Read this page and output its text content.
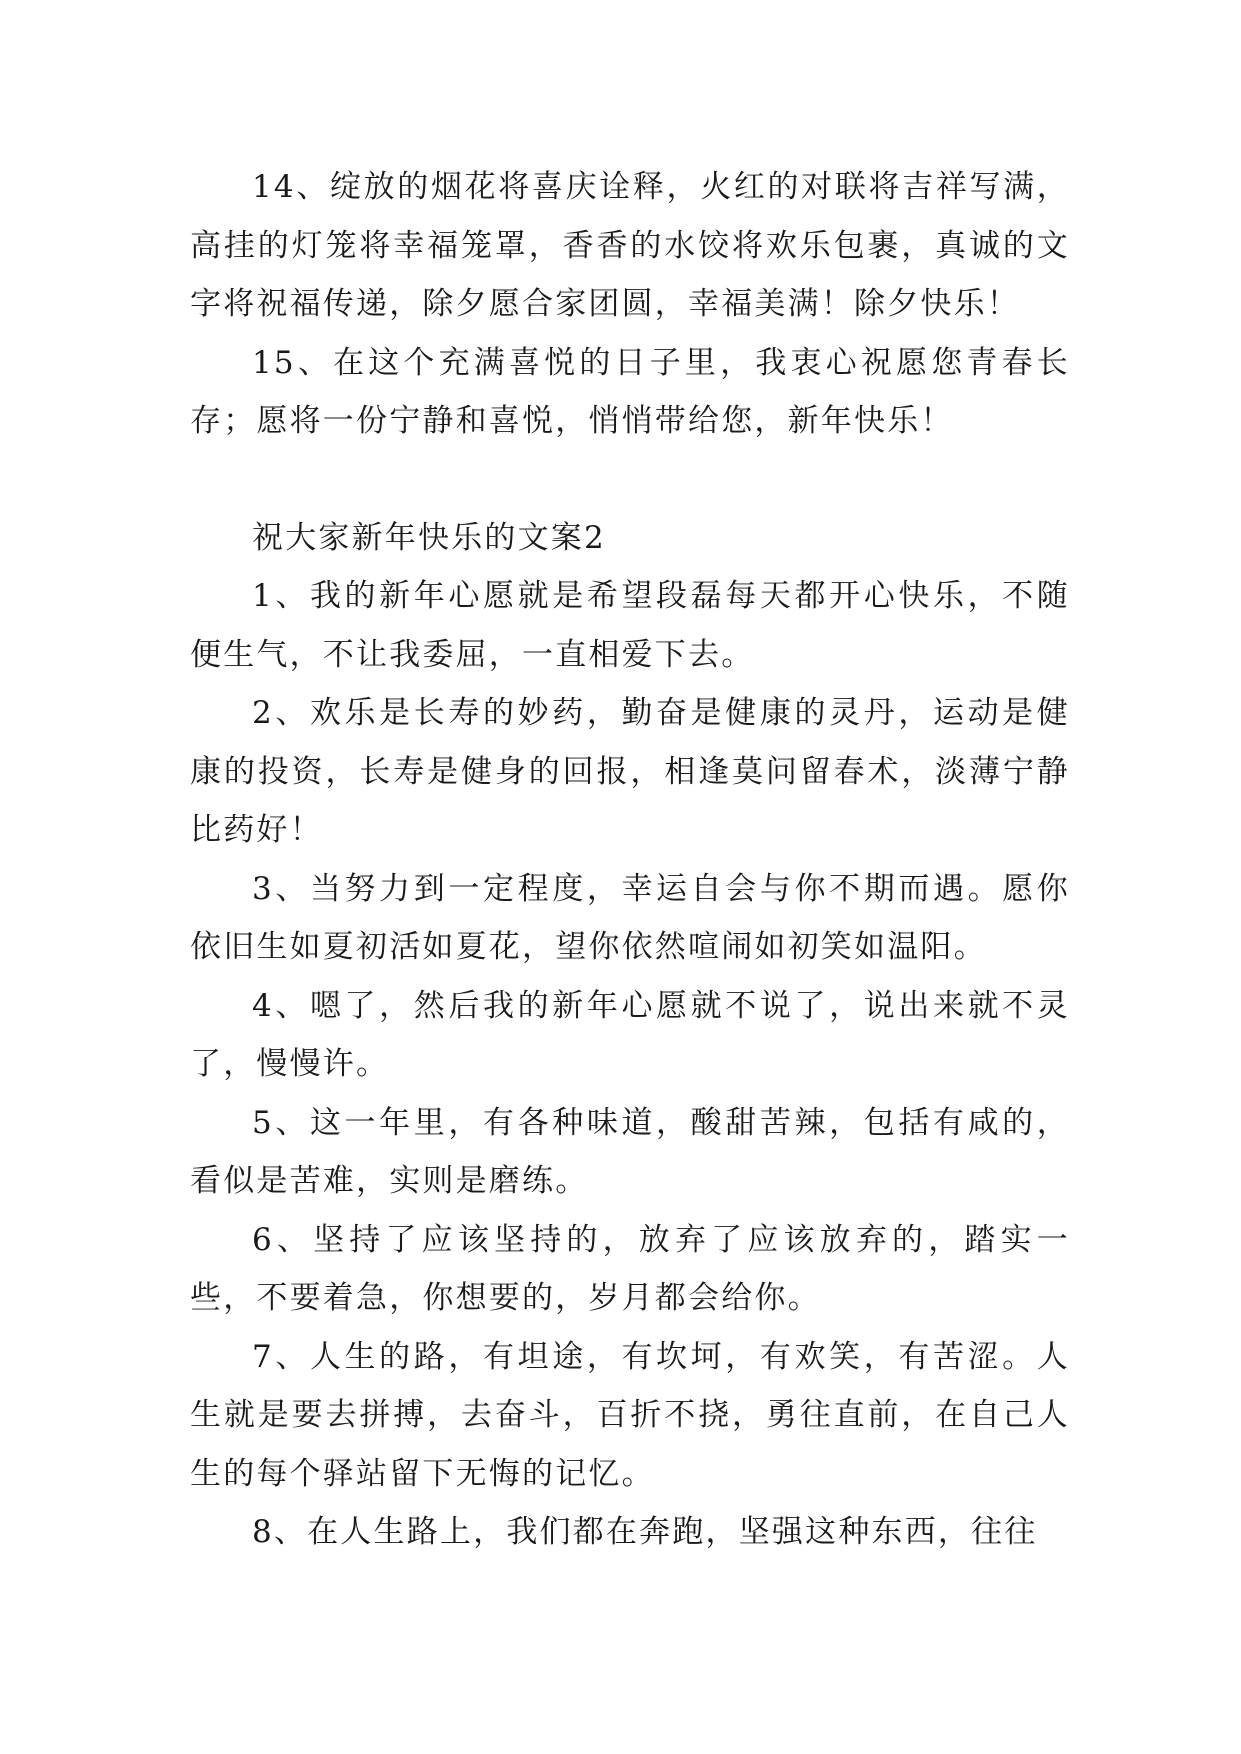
14、绽放的烟花将喜庆诠释，火红的对联将吉祥写满，高挂的灯笼将幸福笼罩，香香的水饺将欢乐包裹，真诚的文字将祝福传递，除夕愿合家团圆，幸福美满！除夕快乐！

15、在这个充满喜悦的日子里，我衷心祝愿您青春长存；愿将一份宁静和喜悦，悄悄带给您，新年快乐！

祝大家新年快乐的文案2

1、我的新年心愿就是希望段磊每天都开心快乐，不随便生气，不让我委屈，一直相爱下去。

2、欢乐是长寿的妙药，勤奋是健康的灵丹，运动是健康的投资，长寿是健身的回报，相逢莫问留春术，淡薄宁静比药好！

3、当努力到一定程度，幸运自会与你不期而遇。愿你依旧生如夏初活如夏花，望你依然喧闹如初笑如温阳。

4、嗯了，然后我的新年心愿就不说了，说出来就不灵了，慢慢许。

5、这一年里，有各种味道，酸甜苦辣，包括有咸的，看似是苦难，实则是磨练。

6、坚持了应该坚持的，放弃了应该放弃的，踏实一些，不要着急，你想要的，岁月都会给你。

7、人生的路，有坦途，有坎坷，有欢笑，有苦涩。人生就是要去拼搏，去奋斗，百折不挠，勇往直前，在自己人生的每个驿站留下无悔的记忆。

8、在人生路上，我们都在奔跑，坚强这种东西，往往
